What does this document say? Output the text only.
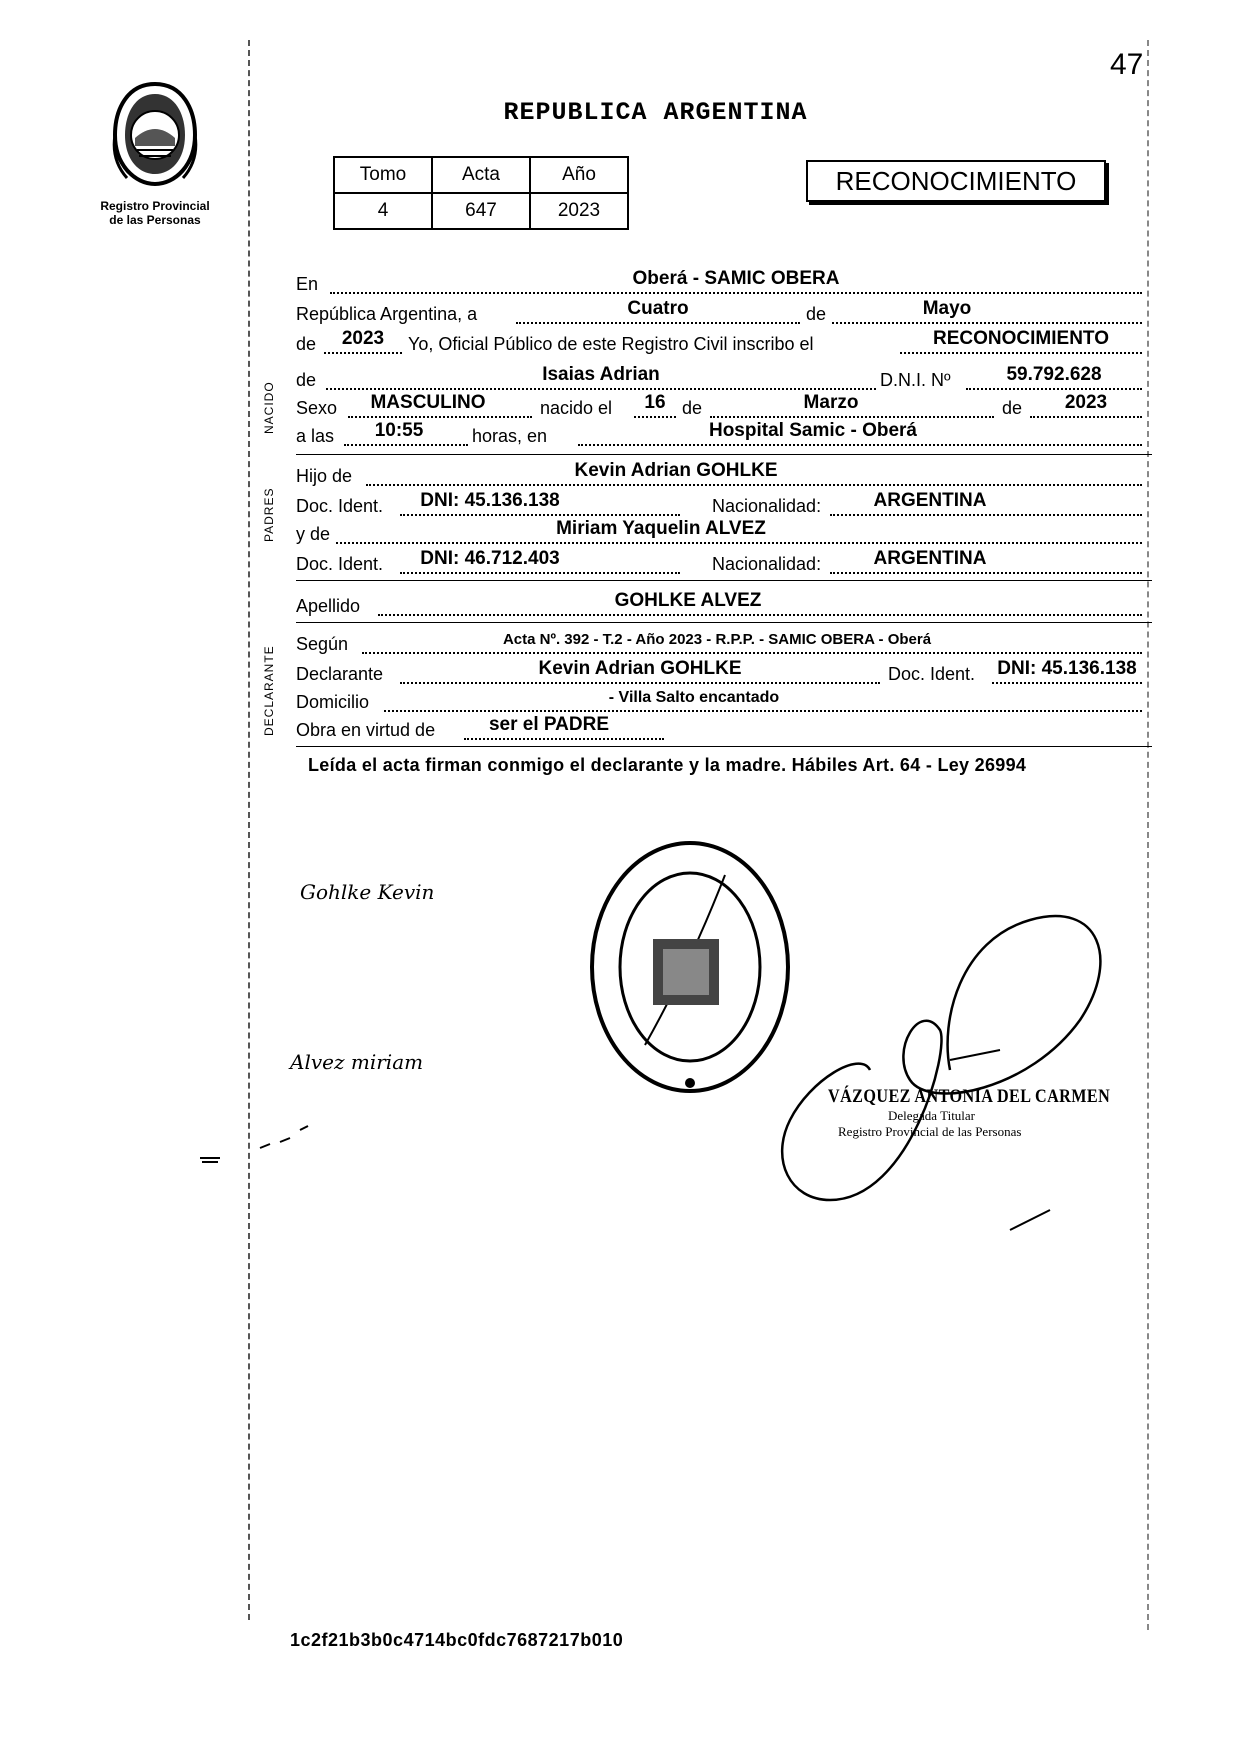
47
Registro Provincial
de las Personas
REPUBLICA ARGENTINA
Tomo	Acta	Año
4	647	2023
RECONOCIMIENTO
En	Oberá - SAMIC OBERA
República Argentina, a	Cuatro	de	Mayo
de	2023	Yo, Oficial Público de este Registro Civil inscribo el	RECONOCIMIENTO
NACIDO
de	Isaias Adrian	D.N.I. Nº	59.792.628
Sexo	MASCULINO	nacido el	16 de	Marzo	de	2023
a las	10:55	horas, en	Hospital Samic - Oberá
PADRES
Hijo de	Kevin Adrian GOHLKE
Doc. Ident.	DNI: 45.136.138	Nacionalidad:	ARGENTINA
y de	Miriam Yaquelin ALVEZ
Doc. Ident.	DNI: 46.712.403	Nacionalidad:	ARGENTINA
Apellido	GOHLKE ALVEZ
DECLARANTE
Según	Acta Nº. 392 - T.2 - Año 2023 - R.P.P. - SAMIC OBERA - Oberá
Declarante	Kevin Adrian GOHLKE	Doc. Ident. DNI: 45.136.138
Domicilio	- Villa Salto encantado
Obra en virtud de	ser el PADRE
Leída el acta firman conmigo el declarante y la madre. Hábiles Art. 64 - Ley 26994
Gohlke Kevin
Alvez miriam
VÁZQUEZ ANTONIA DEL CARMEN
Delegada Titular
Registro Provincial de las Personas
1c2f21b3b0c4714bc0fdc7687217b010
